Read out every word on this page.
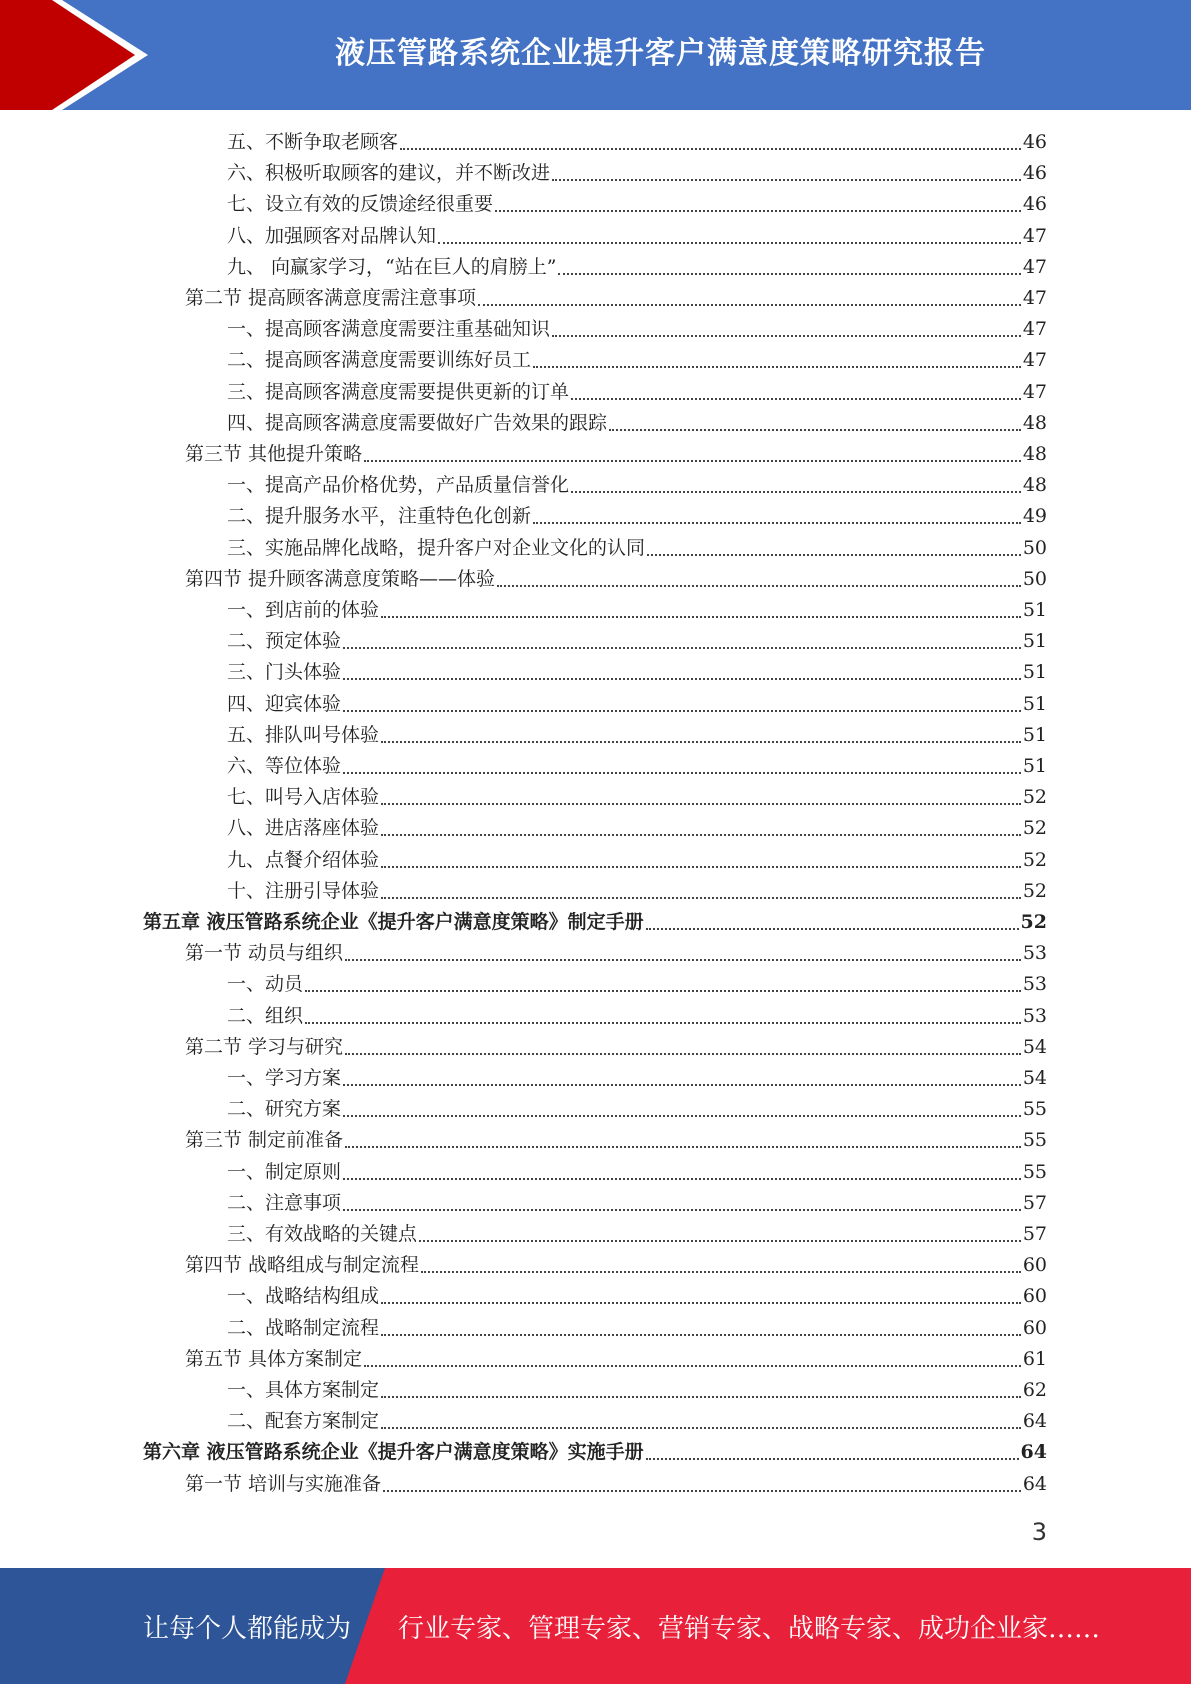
液压管路系统企业提升客户满意度策略研究报告
五、不断争取老顾客	46
六、积极听取顾客的建议，并不断改进	46
七、设立有效的反馈途经很重要	46
八、加强顾客对品牌认知	47
九、 向赢家学习，“站在巨人的肩膀上”	47
第二节 提高顾客满意度需注意事项	47
一、提高顾客满意度需要注重基础知识	47
二、提高顾客满意度需要训练好员工	47
三、提高顾客满意度需要提供更新的订单	47
四、提高顾客满意度需要做好广告效果的跟踪	48
第三节 其他提升策略	48
一、提高产品价格优势，产品质量信誉化	48
二、提升服务水平，注重特色化创新	49
三、实施品牌化战略，提升客户对企业文化的认同	50
第四节 提升顾客满意度策略——体验	50
一、到店前的体验	51
二、预定体验	51
三、门头体验	51
四、迎宾体验	51
五、排队叫号体验	51
六、等位体验	51
七、叫号入店体验	52
八、进店落座体验	52
九、点餐介绍体验	52
十、注册引导体验	52
第五章 液压管路系统企业《提升客户满意度策略》制定手册	52
第一节 动员与组织	53
一、动员	53
二、组织	53
第二节 学习与研究	54
一、学习方案	54
二、研究方案	55
第三节 制定前准备	55
一、制定原则	55
二、注意事项	57
三、有效战略的关键点	57
第四节 战略组成与制定流程	60
一、战略结构组成	60
二、战略制定流程	60
第五节 具体方案制定	61
一、具体方案制定	62
二、配套方案制定	64
第六章 液压管路系统企业《提升客户满意度策略》实施手册	64
第一节 培训与实施准备	64
3
让每个人都能成为 行业专家、管理专家、营销专家、战略专家、成功企业家……
